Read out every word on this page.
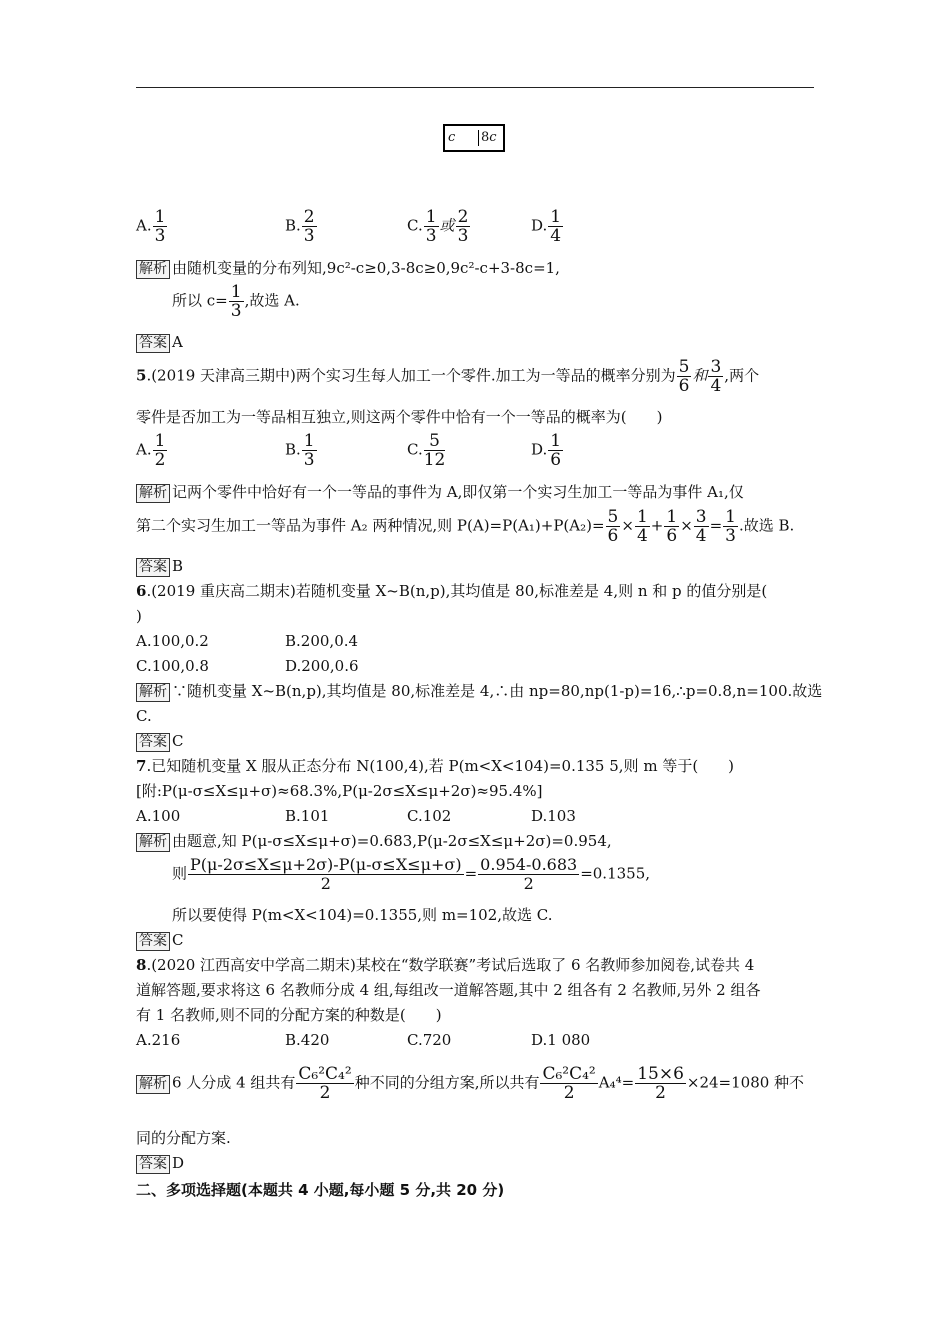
c	8c
A. $\frac{1}{3}$	B. $\frac{2}{3}$	C. $\frac{1}{3}$ 或 $\frac{2}{3}$	D. $\frac{1}{4}$
解析 由随机变量的分布列知,9c²-c≥0,3-8c≥0,9c²-c+3-8c=1,
所以 $c= \frac{1}{3}$ ,故选 A.
答案 A
5.(2019 天津高三期中)两个实习生每人加工一个零件.加工为一等品的概率分别为 $\frac{5}{6}$ 和 $\frac{3}{4}$ ,两个
零件是否加工为一等品相互独立,则这两个零件中恰有一个一等品的概率为(　　)
A. $\frac{1}{2}$	B. $\frac{1}{3}$	C. $\frac{5}{12}$	D. $\frac{1}{6}$
解析 记两个零件中恰好有一个一等品的事件为 A,即仅第一个实习生加工一等品为事件 A₁,仅
第二个实习生加工一等品为事件 A₂ 两种情况,则 $P(A)=P(A_1)+P(A_2)= \frac{5}{6} \times \frac{1}{4} + \frac{1}{6} \times \frac{3}{4} = \frac{1}{3}$ .故选 B.
答案 B
6.(2019 重庆高二期末)若随机变量 X~B(n,p),其均值是 80,标准差是 4,则 n 和 p 的值分别是(
)
A.100,0.2	B.200,0.4
C.100,0.8	D.200,0.6
解析 ∵随机变量 X~B(n,p),其均值是 80,标准差是 4,∴由 np=80,np(1-p)=16,∴p=0.8,n=100.故选
C.
答案 C
7.已知随机变量 X 服从正态分布 N(100,4),若 P(m<X<104)=0.135 5,则 m 等于(　　)
[附:P(μ-σ≤X≤μ+σ)≈68.3%,P(μ-2σ≤X≤μ+2σ)≈95.4%]
A.100	B.101	C.102	D.103
解析 由题意,知 P(μ-σ≤X≤μ+σ)=0.683,P(μ-2σ≤X≤μ+2σ)=0.954,
则 $\frac{P(\mu-2\sigma\le X\le\mu+2\sigma)-P(\mu-\sigma\le X\le\mu+\sigma)}{2} = \frac{0.954-0.683}{2} =0.1355$,
所以要使得 P(m<X<104)=0.1355,则 m=102,故选 C.
答案 C
8.(2020 江西高安中学高二期末)某校在“数学联赛”考试后选取了 6 名教师参加阅卷,试卷共 4
道解答题,要求将这 6 名教师分成 4 组,每组改一道解答题,其中 2 组各有 2 名教师,另外 2 组各
有 1 名教师,则不同的分配方案的种数是(　　)
A.216	B.420	C.720	D.1 080
解析 6 人分成 4 组共有 $\frac{\text{C₆²C₄²}}{2}$ 种不同的分组方案,所以共有 $\frac{\text{C₆²C₄²}}{2} A_4^4= \frac{15\times 6}{2} \times 24=1080$ 种不
同的分配方案.
答案 D
二、多项选择题(本题共 4 小题,每小题 5 分,共 20 分)
